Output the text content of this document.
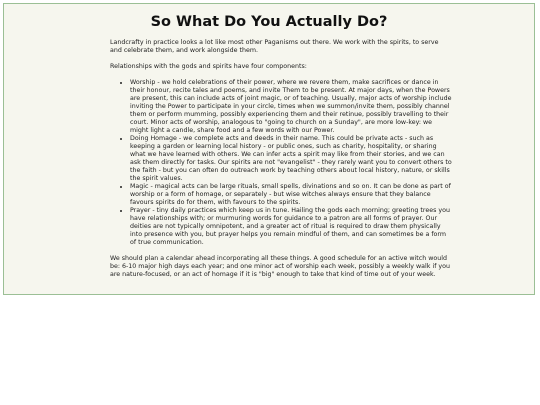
So What Do You Actually Do?

Landcrafty in practice looks a lot like most other Paganisms out there. We work with the spirits, to serve and celebrate them, and work alongside them.

Relationships with the gods and spirits have four components:

• Worship - we hold celebrations of their power, where we revere them, make sacrifices or dance in their honour, recite tales and poems, and invite Them to be present. At major days, when the Powers are present, this can include acts of joint magic, or of teaching. Usually, major acts of worship include inviting the Power to participate in your circle, times when we summon/invite them, possibly channel them or perform mumming, possibly experiencing them and their retinue, possibly travelling to their court. Minor acts of worship, analogous to "going to church on a Sunday", are more low-key: we might light a candle, share food and a few words with our Power.
• Doing Homage - we complete acts and deeds in their name. This could be private acts - such as keeping a garden or learning local history - or public ones, such as charity, hospitality, or sharing what we have learned with others. We can infer acts a spirit may like from their stories, and we can ask them directly for tasks. Our spirits are not "evangelist" - they rarely want you to convert others to the faith - but you can often do outreach work by teaching others about local history, nature, or skills the spirit values.
• Magic - magical acts can be large rituals, small spells, divinations and so on. It can be done as part of worship or a form of homage, or separately - but wise witches always ensure that they balance favours spirits do for them, with favours to the spirits.
• Prayer - tiny daily practices which keep us in tune. Hailing the gods each morning; greeting trees you have relationships with; or murmuring words for guidance to a patron are all forms of prayer. Our deities are not typically omnipotent, and a greater act of ritual is required to draw them physically into presence with you, but prayer helps you remain mindful of them, and can sometimes be a form of true communication.

We should plan a calendar ahead incorporating all these things. A good schedule for an active witch would be: 6-10 major high days each year; and one minor act of worship each week, possibly a weekly walk if you are nature-focused, or an act of homage if it is "big" enough to take that kind of time out of your week.
